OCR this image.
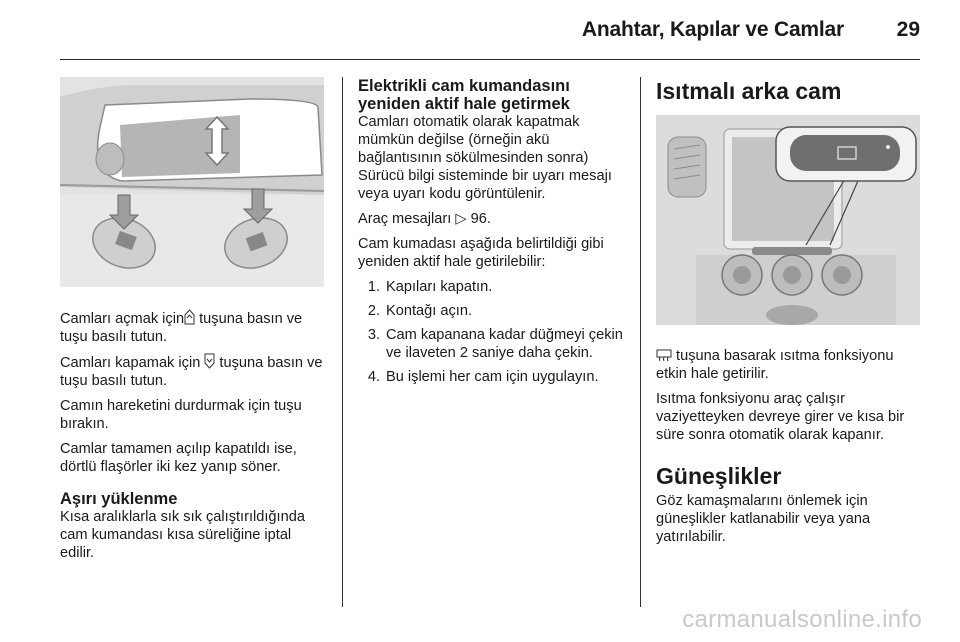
Anahtar, Kapılar ve Camlar	29

Camları açmak için tuşuna basın ve tuşu basılı tutun.

Camları kapamak için  tuşuna basın ve tuşu basılı tutun.

Camın hareketini durdurmak için tuşu bırakın.

Camlar tamamen açılıp kapatıldı ise, dörtlü flaşörler iki kez yanıp söner.

Aşırı yüklenme

Kısa aralıklarla sık sık çalıştırıldığında cam kumandası kısa süreliğine iptal edilir.

Elektrikli cam kumandasını yeniden aktif hale getirmek

Camları otomatik olarak kapatmak mümkün değilse (örneğin akü bağlantısının sökülmesinden sonra) Sürücü bilgi sisteminde bir uyarı mesajı veya uyarı kodu görüntülenir.

Araç mesajları ▷ 96.

Cam kumadası aşağıda belirtildiği gibi yeniden aktif hale getirilebilir:

1. Kapıları kapatın.
2. Kontağı açın.
3. Cam kapanana kadar düğmeyi çekin ve ilaveten 2 saniye daha çekin.
4. Bu işlemi her cam için uygulayın.
Isıtmalı arka cam

tuşuna basarak ısıtma fonksiyonu etkin hale getirilir.

Isıtma fonksiyonu araç çalışır vaziyetteyken devreye girer ve kısa bir süre sonra otomatik olarak kapanır.

Güneşlikler

Göz kamaşmalarını önlemek için güneşlikler katlanabilir veya yana yatırılabilir.

carmanualsonline.info
